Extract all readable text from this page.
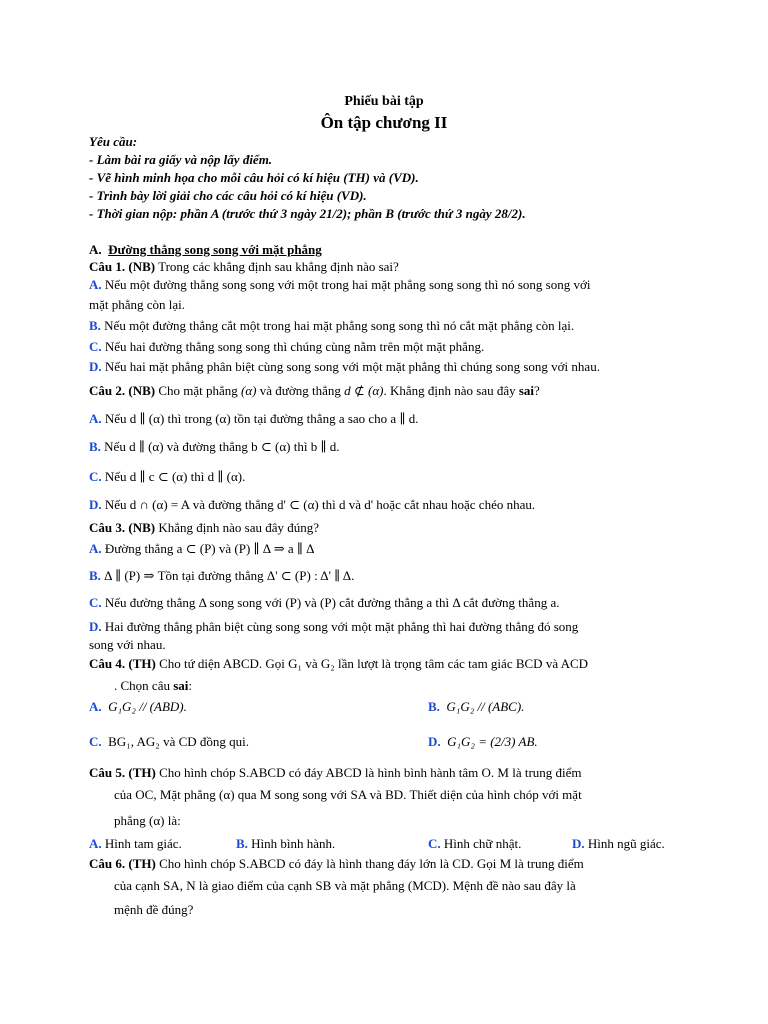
Phiếu bài tập
Ôn tập chương II
Yêu cầu:
- Làm bài ra giấy và nộp lấy điểm.
- Vẽ hình minh họa cho mỗi câu hỏi có kí hiệu (TH) và (VD).
- Trình bày lời giải cho các câu hỏi có kí hiệu (VD).
- Thời gian nộp: phần A (trước thứ 3 ngày 21/2); phần B (trước thứ 3 ngày 28/2).
A. Đường thẳng song song với mặt phẳng
Câu 1. (NB) Trong các khẳng định sau khẳng định nào sai?
A. Nếu một đường thẳng song song với một trong hai mặt phẳng song song thì nó song song với
mặt phẳng còn lại.
B. Nếu một đường thẳng cắt một trong hai mặt phẳng song song thì nó cắt mặt phẳng còn lại.
C. Nếu hai đường thẳng song song thì chúng cùng nằm trên một mặt phẳng.
D. Nếu hai mặt phẳng phân biệt cùng song song với một mặt phẳng thì chúng song song với nhau.
Câu 2. (NB) Cho mặt phẳng (α) và đường thẳng d ⊄ (α). Khẳng định nào sau đây sai?
A. Nếu d ∥ (α) thì trong (α) tồn tại đường thẳng a sao cho a ∥ d.
B. Nếu d ∥ (α) và đường thẳng b ⊂ (α) thì b ∥ d.
C. Nếu d ∥ c ⊂ (α) thì d ∥ (α).
D. Nếu d ∩ (α) = A và đường thẳng d' ⊂ (α) thì d và d' hoặc cắt nhau hoặc chéo nhau.
Câu 3. (NB) Khẳng định nào sau đây đúng?
A. Đường thẳng a ⊂ (P) và (P) ∥ Δ ⇒ a ∥ Δ
B. Δ ∥ (P) ⇒ Tồn tại đường thẳng Δ' ⊂ (P) : Δ' ∥ Δ.
C. Nếu đường thẳng Δ song song với (P) và (P) cắt đường thẳng a thì Δ cắt đường thẳng a.
D. Hai đường thẳng phân biệt cùng song song với một mặt phẳng thì hai đường thẳng đó song
song với nhau.
Câu 4. (TH) Cho tứ diện ABCD. Gọi G₁ và G₂ lần lượt là trọng tâm các tam giác BCD và ACD
. Chọn câu sai:
A. G₁G₂ // (ABD).	B. G₁G₂ // (ABC).
C. BG₁, AG₂ và CD đồng qui.	D. G₁G₂ = (2/3) AB.
Câu 5. (TH) Cho hình chóp S.ABCD có đáy ABCD là hình bình hành tâm O. M là trung điểm
của OC, Mặt phẳng (α) qua M song song với SA và BD. Thiết diện của hình chóp với mặt
phẳng (α) là:
A. Hình tam giác.	B. Hình bình hành.	C. Hình chữ nhật.	D. Hình ngũ giác.
Câu 6. (TH) Cho hình chóp S.ABCD có đáy là hình thang đáy lớn là CD. Gọi M là trung điểm
của cạnh SA, N là giao điểm của cạnh SB và mặt phẳng (MCD). Mệnh đề nào sau đây là
mệnh đề đúng?
